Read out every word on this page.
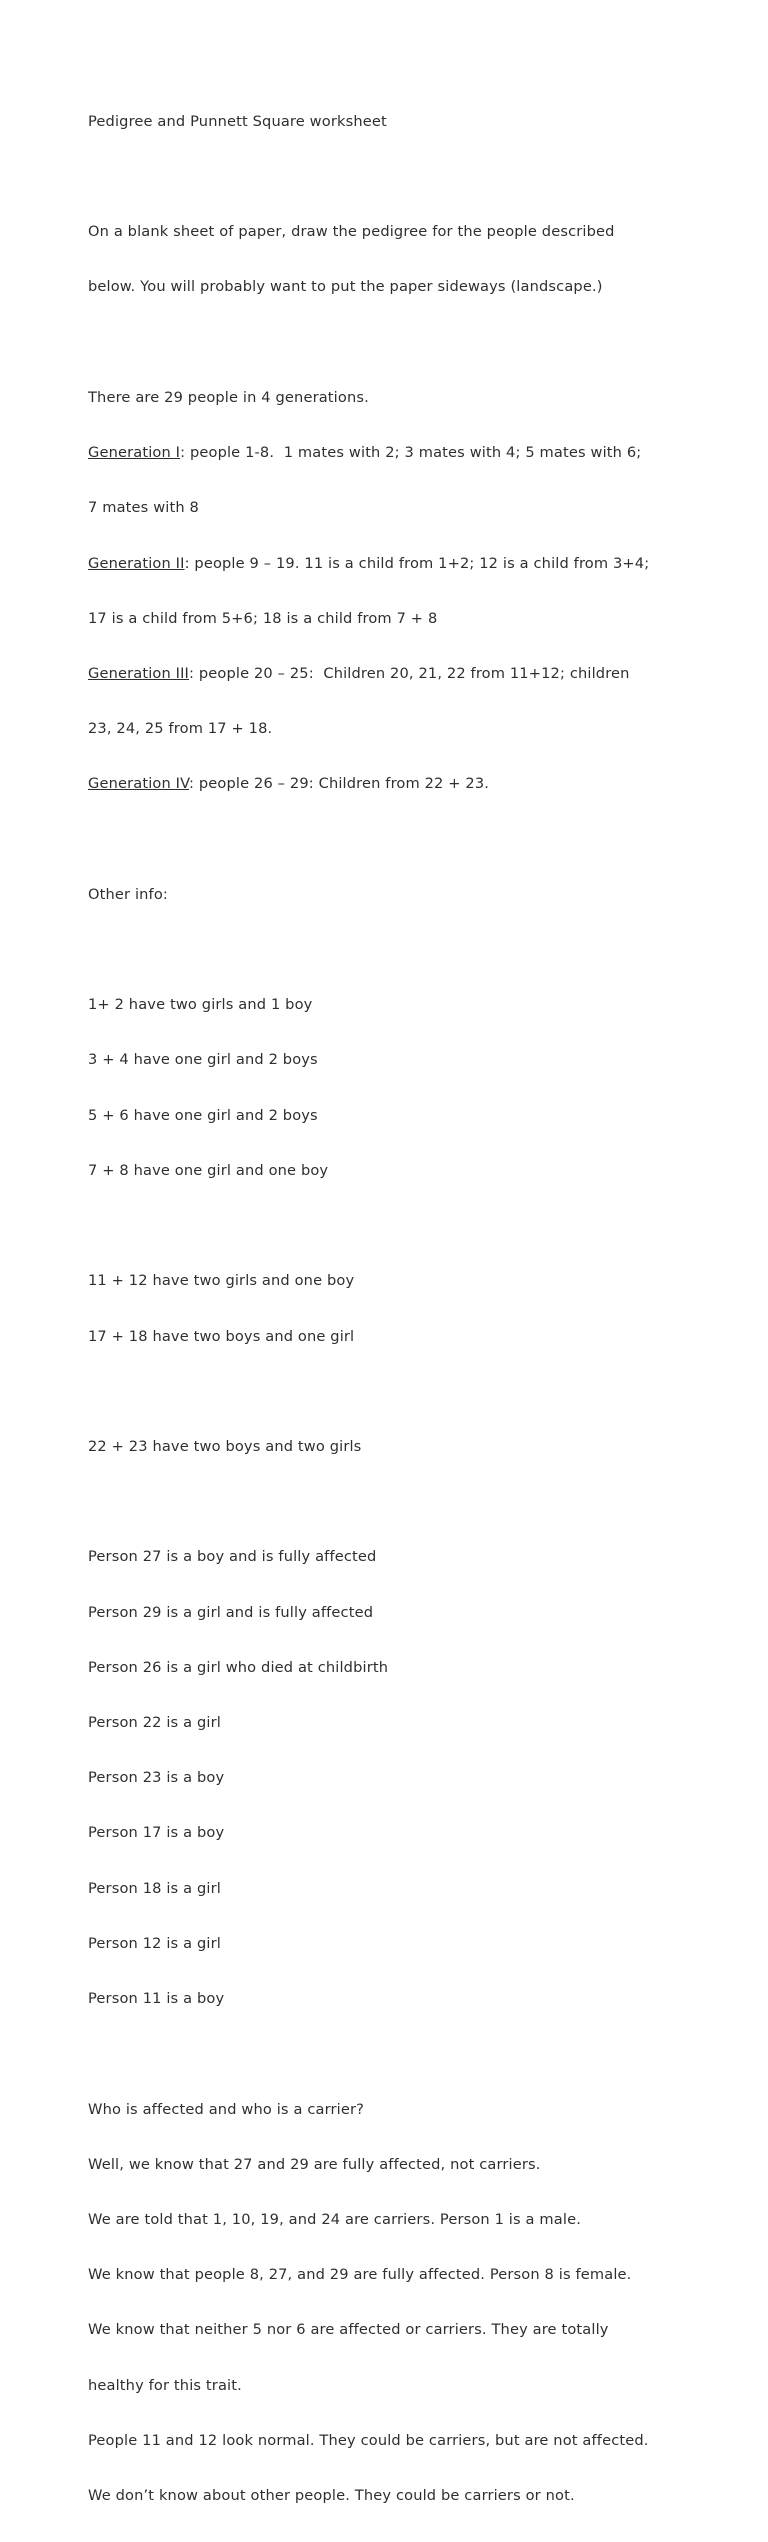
Pedigree and Punnett Square worksheet

On a blank sheet of paper, draw the pedigree for the people described

below. You will probably want to put the paper sideways (landscape.)

There are 29 people in 4 generations.

Generation I: people 1-8.  1 mates with 2; 3 mates with 4; 5 mates with 6;

7 mates with 8

Generation II: people 9 – 19. 11 is a child from 1+2; 12 is a child from 3+4;

17 is a child from 5+6; 18 is a child from 7 + 8

Generation III: people 20 – 25:  Children 20, 21, 22 from 11+12; children

23, 24, 25 from 17 + 18.

Generation IV: people 26 – 29: Children from 22 + 23.

Other info:

1+ 2 have two girls and 1 boy

3 + 4 have one girl and 2 boys

5 + 6 have one girl and 2 boys

7 + 8 have one girl and one boy

11 + 12 have two girls and one boy

17 + 18 have two boys and one girl

22 + 23 have two boys and two girls

Person 27 is a boy and is fully affected

Person 29 is a girl and is fully affected

Person 26 is a girl who died at childbirth

Person 22 is a girl

Person 23 is a boy

Person 17 is a boy

Person 18 is a girl

Person 12 is a girl

Person 11 is a boy

Who is affected and who is a carrier?

Well, we know that 27 and 29 are fully affected, not carriers.

We are told that 1, 10, 19, and 24 are carriers. Person 1 is a male.

We know that people 8, 27, and 29 are fully affected. Person 8 is female.

We know that neither 5 nor 6 are affected or carriers. They are totally

healthy for this trait.

People 11 and 12 look normal. They could be carriers, but are not affected.

We don’t know about other people. They could be carriers or not.
